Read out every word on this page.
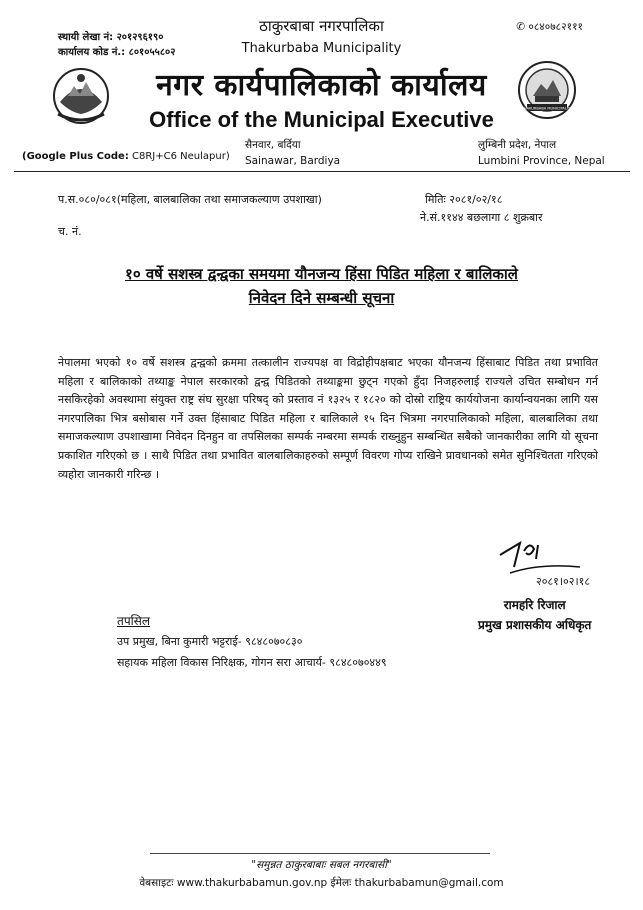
स्थायी लेखा नं: २०१२९६१९०
कार्यालय कोड नं.: ८०१०५५८०२
✆ ०८४०७८२१११
ठाकुरबाबा नगरपालिका
Thakurbaba Municipality
THAKURBABA MUNICIPALITY
नगर कार्यपालिकाको कार्यालय
Office of the Municipal Executive
सैनवार, बर्दिया
Sainawar, Bardiya
लुम्बिनी प्रदेश, नेपाल
Lumbini Province, Nepal
(Google Plus Code: C8RJ+C6 Neulapur)
प.स.०८०/०८१(महिला, बालबालिका तथा समाजकल्याण उपशाखा)
च. नं.
मितिः २०८१/०२/१८
ने.सं.११४४ बछलागा ८ शुक्रबार
१० वर्षे सशस्त्र द्वन्द्वका समयमा यौनजन्य हिंसा पिडित महिला र बालिकाले
निवेदन दिने सम्बन्धी सूचना
नेपालमा भएको १० वर्षे सशस्त्र द्वन्द्वको क्रममा तत्कालीन राज्यपक्ष वा विद्रोहीपक्षबाट भएका यौनजन्य हिंसाबाट पिडित तथा प्रभावित महिला र बालिकाको तथ्याङ्क नेपाल सरकारको द्वन्द्व पिडितको तथ्याङ्कमा छुट्न गएको हुँदा निजहरुलाई राज्यले उचित सम्बोधन गर्न नसकिरहेको अवस्थामा संयुक्त राष्ट्र संघ सुरक्षा परिषद् को प्रस्ताव नं १३२५ र १८२० को दोस्रो राष्ट्रिय कार्ययोजना कार्यान्वयनका लागि यस नगरपालिका भित्र बसोबास गर्ने उक्त हिंसाबाट पिडित महिला र बालिकाले १५ दिन भित्रमा नगरपालिकाको महिला, बालबालिका तथा समाजकल्याण उपशाखामा निवेदन दिनहुन वा तपसिलका सम्पर्क नम्बरमा सम्पर्क राख्नुहुन सम्बन्धित सबैको जानकारीका लागि यो सूचना प्रकाशित गरिएको छ । साथै पिडित तथा प्रभावित बालबालिकाहरुको सम्पूर्ण विवरण गोप्य राखिने प्रावधानको समेत सुनिश्चितता गरिएको व्यहोरा जानकारी गरिन्छ ।
२०८१।०२।१८
रामहरि रिजाल
प्रमुख प्रशासकीय अधिकृत
तपसिल
उप प्रमुख, बिना कुमारी भट्टराई- ९८४८०७०८३०
सहायक महिला विकास निरिक्षक, गोगन सरा आचार्य- ९८४८०७०४४९
"समुन्नत ठाकुरबाबाः सबल नगरबासी"
वेबसाइटः www.thakurbabamun.gov.np ईमेलः thakurbabamun@gmail.com
